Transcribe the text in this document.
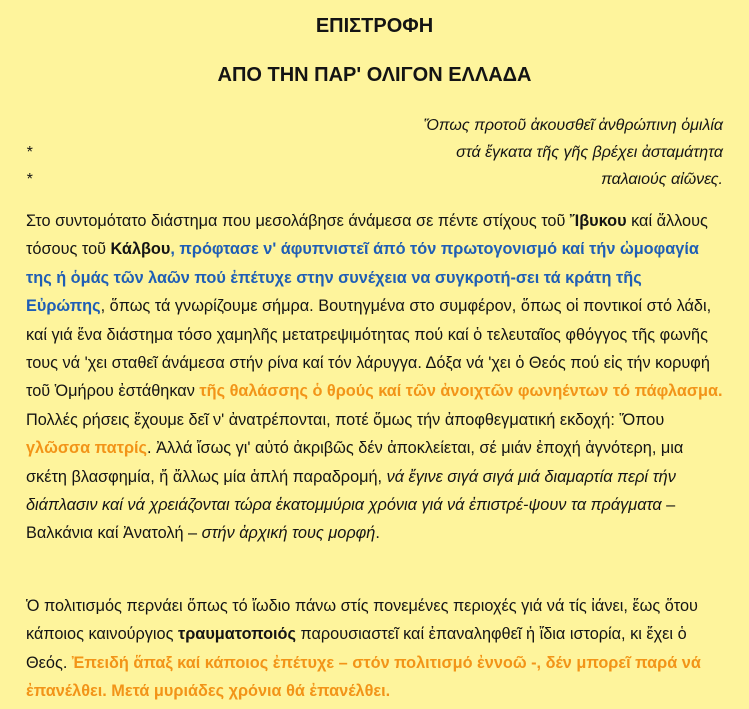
ΕΠΙΣΤΡΟΦΗ
ΑΠΟ ΤΗΝ ΠΑΡ' ΟΛΙΓΟΝ ΕΛΛΑΔΑ
Ὅπως προτοῦ ἀκουσθεῖ ἀνθρώπινη ὁμιλία
*	στά ἔγκατα τῆς γῆς βρέχει ἀσταμάτητα
*	παλαιούς αἰῶνες.

Στο συντομότατο διάστημα που μεσολάβησε άνάμεσα σε πέντε στίχους τοῦ Ἴβυκου καί ἄλλους τόσους τοῦ Κάλβου, πρόφτασε ν' άφυπνιστεῖ άπό τόν πρωτογονισμό καί τήν ὠμοφαγία της ή ὁμάς τῶν λαῶν πού ἐπέτυχε στην συνέχεια να συγκροτή-σει τά κράτη τῆς Εὐρώπης, ὅπως τά γνωρίζουμε σήμρα. Βουτηγμένα στο συμφέρον, ὅπως οἱ ποντικοί στό λάδι, καί γιά ἕνα διάστημα τόσο χαμηλῆς μετατρεψιμότητας πού καί ὁ τελευταῖος φθόγγος τῆς φωνῆς τους νά 'χει σταθεῖ άνάμεσα στήν ρίνα καί τόν λάρυγγα. Δόξα νά 'χει ὁ Θεός πού εἰς τήν κορυφή τοῦ Ὁμήρου ἐστάθηκαν τῆς θαλάσσης ὁ θρούς καί τῶν ἀνοιχτῶν φωνηέντων τό πάφλασμα. Πολλές ρήσεις ἔχουμε δεῖ ν' ἀνατρέπονται, ποτέ ὅμως τήν ἀποφθεγματική εκδοχή: Ὅπου γλῶσσα πατρίς. Ἀλλά ἴσως γι' αὐτό ἀκριβῶς δέν ἀποκλείεται, σέ μιάν ἐποχή ἀγνότερη, μια σκέτη βλασφημία, ἤ ἄλλως μία ἁπλή παραδρομή, νά ἔγινε σιγά σιγά μιά διαμαρτία περί τήν διάπλασιν καί νά χρειάζονται τώρα ἑκατομμύρια χρόνια γιά νά ἐπιστρέ-ψουν τα πράγματα – Βαλκάνια καί Ἀνατολή – στήν ἀρχική τους μορφή.

Ὁ πολιτισμός περνάει ὅπως τό ἴωδιο πάνω στίς πονεμένες περιοχές γιά νά τίς ἰάνει, ἕως ὅτου κάποιος καινούργιος τραυματοποιός παρουσιαστεῖ καί ἐπαναληφθεῖ ἡ ἴδια ιστορία, κι ἔχει ὁ Θεός. Ἐπειδή ἅπαξ καί κάποιος ἐπέτυχε – στόν πολιτισμό ἐννοῶ -, δέν μπορεῖ παρά νά ἐπανέλθει. Μετά μυριάδες χρόνια θά ἐπανέλθει.
